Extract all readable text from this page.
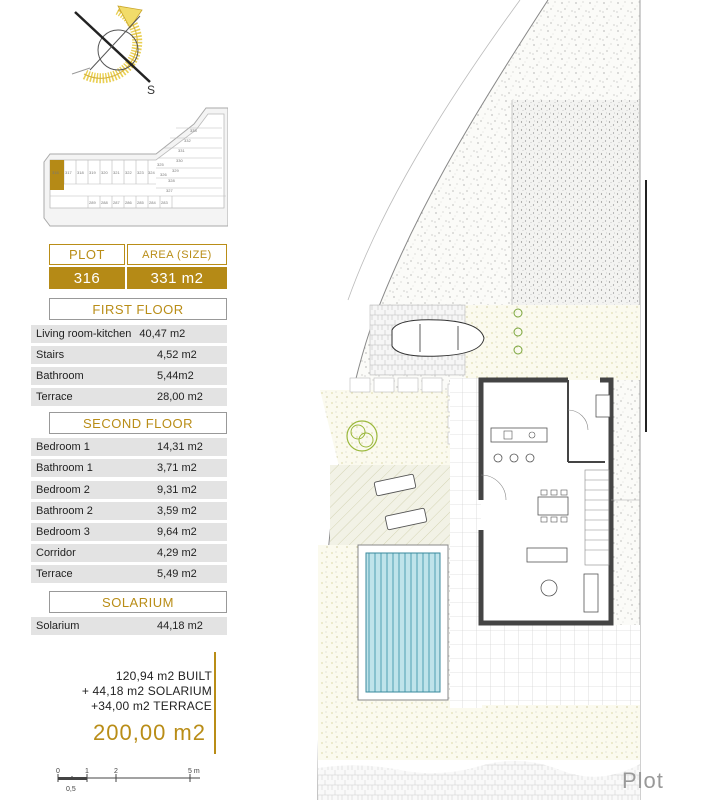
S
333
332
331
330
329
328
327
326
316 317 318 319 320 321 322 323 324
325
289 288 287 286 285 284 283
PLOT	AREA (SIZE)
316	331 m2
FIRST FLOOR
Living room-kitchen 40,47 m2
Stairs	4,52 m2
Bathroom	5,44m2
Terrace	28,00 m2
SECOND FLOOR
Bedroom 1	14,31 m2
Bathroom 1	3,71 m2
Bedroom 2	9,31 m2
Bathroom 2	3,59 m2
Bedroom 3	9,64 m2
Corridor	4,29 m2
Terrace	5,49 m2
SOLARIUM
Solarium	44,18 m2
120,94 m2 BUILT
+ 44,18 m2 SOLARIUM
+34,00 m2 TERRACE
200,00 m2
0	1	2	5 m
0,5	Plot
